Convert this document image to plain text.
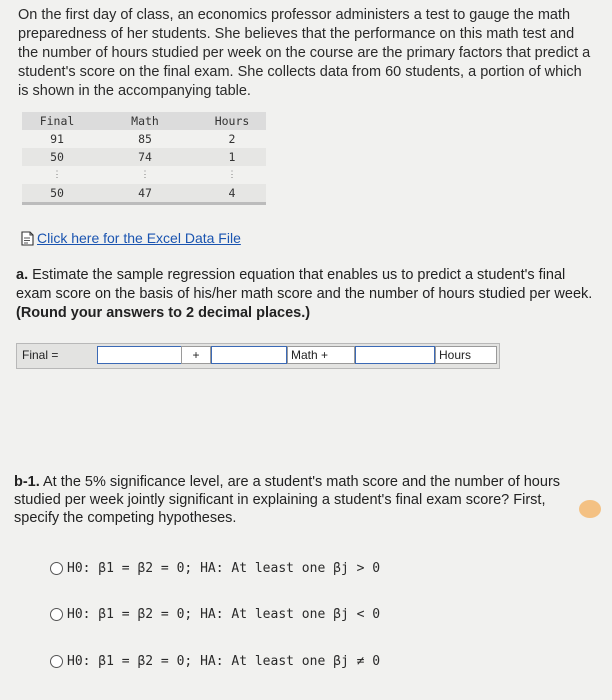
On the first day of class, an economics professor administers a test to gauge the math preparedness of her students. She believes that the performance on this math test and the number of hours studied per week on the course are the primary factors that predict a student's score on the final exam. She collects data from 60 students, a portion of which is shown in the accompanying table.
Final	Math	Hours
91	85	2
50	74	1
⋮	⋮	⋮
50	47	4
Click here for the Excel Data File
a. Estimate the sample regression equation that enables us to predict a student's final exam score on the basis of his/her math score and the number of hours studied per week. (Round your answers to 2 decimal places.)
Final =	+	Math +	Hours
b-1. At the 5% significance level, are a student's math score and the number of hours studied per week jointly significant in explaining a student's final exam score? First, specify the competing hypotheses.
H0: β1 = β2 = 0; HA: At least one βj > 0
H0: β1 = β2 = 0; HA: At least one βj < 0
H0: β1 = β2 = 0; HA: At least one βj ≠ 0
